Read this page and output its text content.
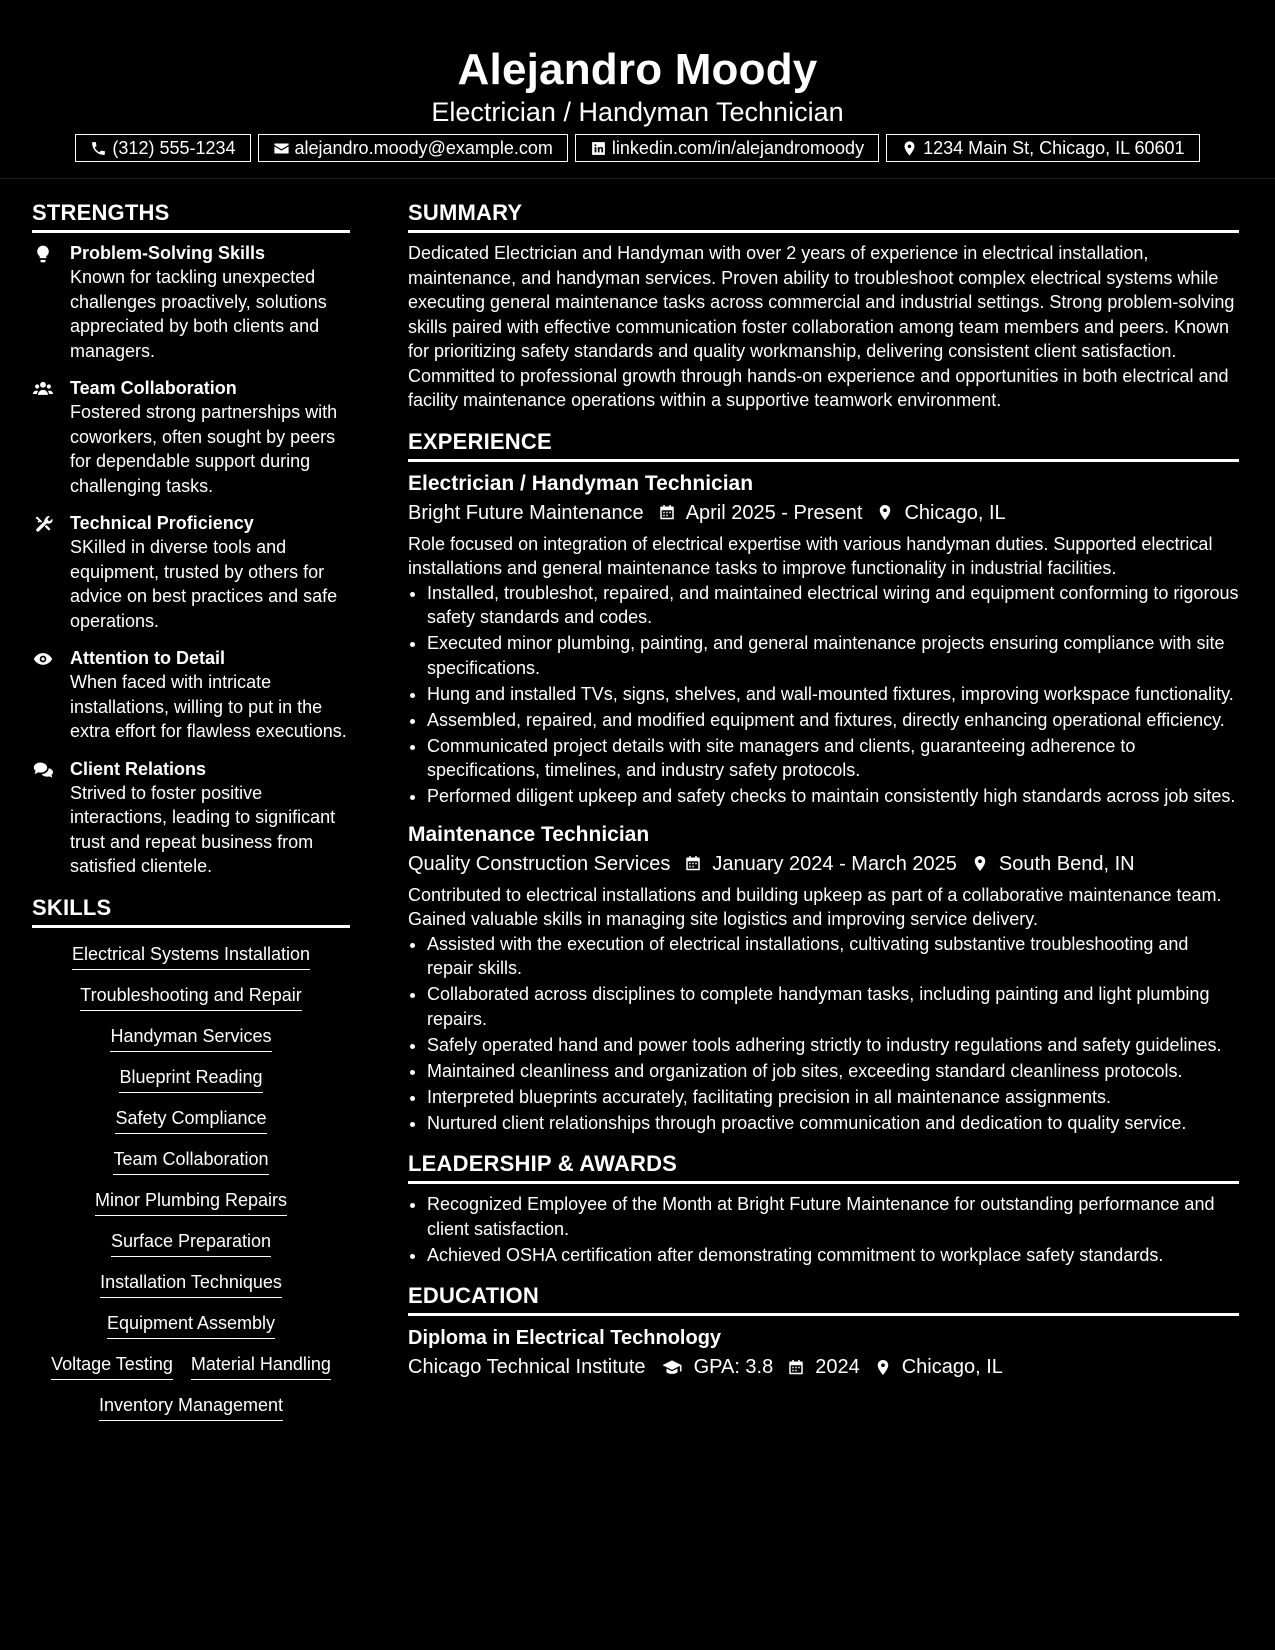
Alejandro Moody
Electrician / Handyman Technician
(312) 555-1234	alejandro.moody@example.com	linkedin.com/in/alejandromoody	1234 Main St, Chicago, IL 60601
STRENGTHS
Problem-Solving Skills
Known for tackling unexpected challenges proactively, solutions appreciated by both clients and managers.
Team Collaboration
Fostered strong partnerships with coworkers, often sought by peers for dependable support during challenging tasks.
Technical Proficiency
SKilled in diverse tools and equipment, trusted by others for advice on best practices and safe operations.
Attention to Detail
When faced with intricate installations, willing to put in the extra effort for flawless executions.
Client Relations
Strived to foster positive interactions, leading to significant trust and repeat business from satisfied clientele.
SKILLS
Electrical Systems Installation
Troubleshooting and Repair
Handyman Services
Blueprint Reading
Safety Compliance
Team Collaboration
Minor Plumbing Repairs
Surface Preparation
Installation Techniques
Equipment Assembly
Voltage Testing Material Handling
Inventory Management
SUMMARY
Dedicated Electrician and Handyman with over 2 years of experience in electrical installation, maintenance, and handyman services. Proven ability to troubleshoot complex electrical systems while executing general maintenance tasks across commercial and industrial settings. Strong problem-solving skills paired with effective communication foster collaboration among team members and peers. Known for prioritizing safety standards and quality workmanship, delivering consistent client satisfaction. Committed to professional growth through hands-on experience and opportunities in both electrical and facility maintenance operations within a supportive teamwork environment.
EXPERIENCE
Electrician / Handyman Technician
Bright Future Maintenance April 2025 - Present Chicago, IL
Role focused on integration of electrical expertise with various handyman duties. Supported electrical installations and general maintenance tasks to improve functionality in industrial facilities.
• Installed, troubleshot, repaired, and maintained electrical wiring and equipment conforming to rigorous safety standards and codes.
• Executed minor plumbing, painting, and general maintenance projects ensuring compliance with site specifications.
• Hung and installed TVs, signs, shelves, and wall-mounted fixtures, improving workspace functionality.
• Assembled, repaired, and modified equipment and fixtures, directly enhancing operational efficiency.
• Communicated project details with site managers and clients, guaranteeing adherence to specifications, timelines, and industry safety protocols.
• Performed diligent upkeep and safety checks to maintain consistently high standards across job sites.
Maintenance Technician
Quality Construction Services January 2024 - March 2025 South Bend, IN
Contributed to electrical installations and building upkeep as part of a collaborative maintenance team. Gained valuable skills in managing site logistics and improving service delivery.
• Assisted with the execution of electrical installations, cultivating substantive troubleshooting and repair skills.
• Collaborated across disciplines to complete handyman tasks, including painting and light plumbing repairs.
• Safely operated hand and power tools adhering strictly to industry regulations and safety guidelines.
• Maintained cleanliness and organization of job sites, exceeding standard cleanliness protocols.
• Interpreted blueprints accurately, facilitating precision in all maintenance assignments.
• Nurtured client relationships through proactive communication and dedication to quality service.
LEADERSHIP & AWARDS
• Recognized Employee of the Month at Bright Future Maintenance for outstanding performance and client satisfaction.
• Achieved OSHA certification after demonstrating commitment to workplace safety standards.
EDUCATION
Diploma in Electrical Technology
Chicago Technical Institute GPA: 3.8 2024 Chicago, IL
